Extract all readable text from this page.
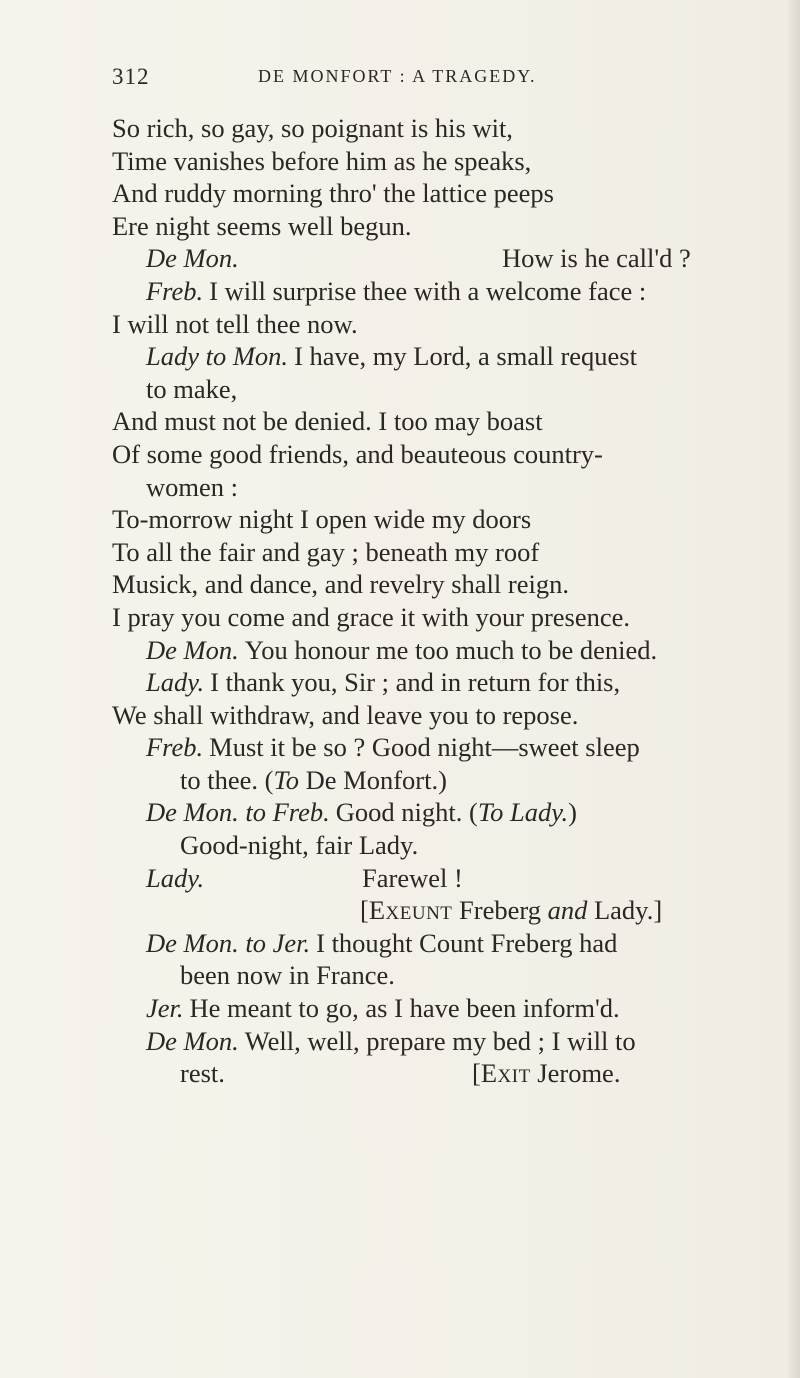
312	DE MONFORT : A TRAGEDY.
So rich, so gay, so poignant is his wit,
Time vanishes before him as he speaks,
And ruddy morning thro' the lattice peeps
Ere night seems well begun.
De Mon.	How is he call'd ?
Freb. I will surprise thee with a welcome face :
I will not tell thee now.
Lady to Mon. I have, my Lord, a small request
to make,
And must not be denied. I too may boast
Of some good friends, and beauteous country-
women :
To-morrow night I open wide my doors
To all the fair and gay ; beneath my roof
Musick, and dance, and revelry shall reign.
I pray you come and grace it with your presence.
De Mon. You honour me too much to be denied.
Lady. I thank you, Sir ; and in return for this,
We shall withdraw, and leave you to repose.
Freb. Must it be so ? Good night—sweet sleep
to thee. (To De Monfort.)
De Mon. to Freb. Good night. (To Lady.)
Good-night, fair Lady.
Lady.	Farewel !
[Exeunt Freberg and Lady.]
De Mon. to Jer. I thought Count Freberg had
been now in France.
Jer. He meant to go, as I have been inform'd.
De Mon. Well, well, prepare my bed ; I will to
rest.	[Exit Jerome.
